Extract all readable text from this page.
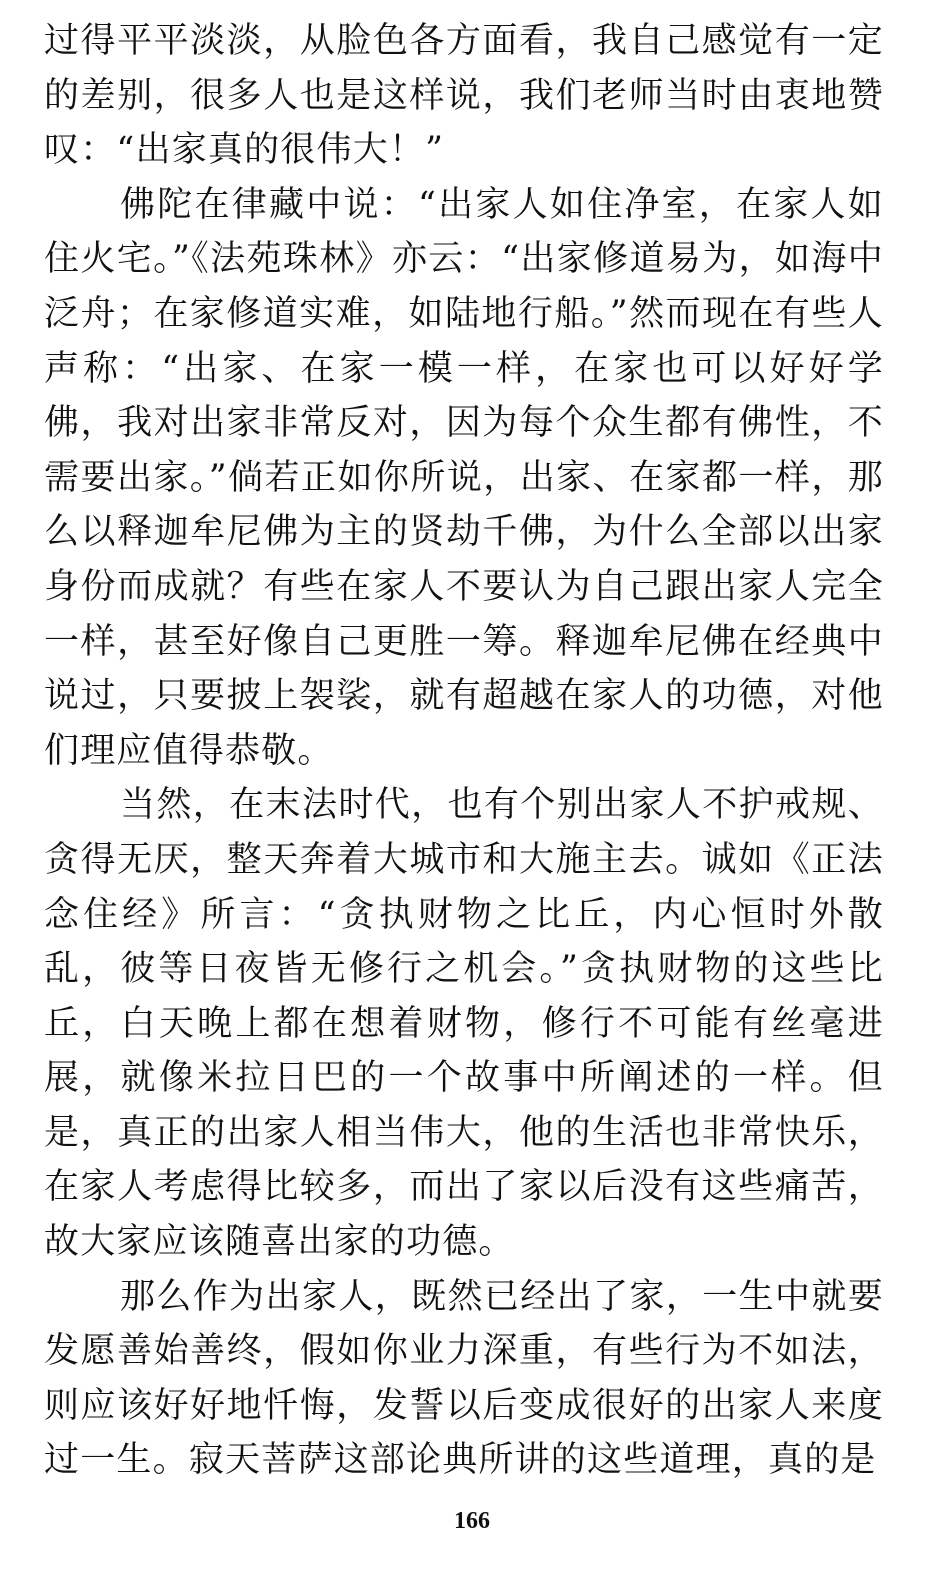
过得平平淡淡，从脸色各方面看，我自己感觉有一定的差别，很多人也是这样说，我们老师当时由衷地赞叹：“出家真的很伟大！”

佛陀在律藏中说：“出家人如住净室，在家人如住火宅。”《法苑珠林》亦云：“出家修道易为，如海中泛舟；在家修道实难，如陆地行船。”然而现在有些人声称：“出家、在家一模一样，在家也可以好好学佛，我对出家非常反对，因为每个众生都有佛性，不需要出家。”倘若正如你所说，出家、在家都一样，那么以释迦牟尼佛为主的贤劫千佛，为什么全部以出家身份而成就？有些在家人不要认为自己跟出家人完全一样，甚至好像自己更胜一筹。释迦牟尼佛在经典中说过，只要披上袈裟，就有超越在家人的功德，对他们理应值得恭敬。

当然，在末法时代，也有个别出家人不护戒规、贪得无厌，整天奔着大城市和大施主去。诚如《正法念住经》所言：“贪执财物之比丘，内心恒时外散乱，彼等日夜皆无修行之机会。”贪执财物的这些比丘，白天晚上都在想着财物，修行不可能有丝毫进展，就像米拉日巴的一个故事中所阐述的一样。但是，真正的出家人相当伟大，他的生活也非常快乐，在家人考虑得比较多，而出了家以后没有这些痛苦，故大家应该随喜出家的功德。

那么作为出家人，既然已经出了家，一生中就要发愿善始善终，假如你业力深重，有些行为不如法，则应该好好地忏悔，发誓以后变成很好的出家人来度过一生。寂天菩萨这部论典所讲的这些道理，真的是

166
